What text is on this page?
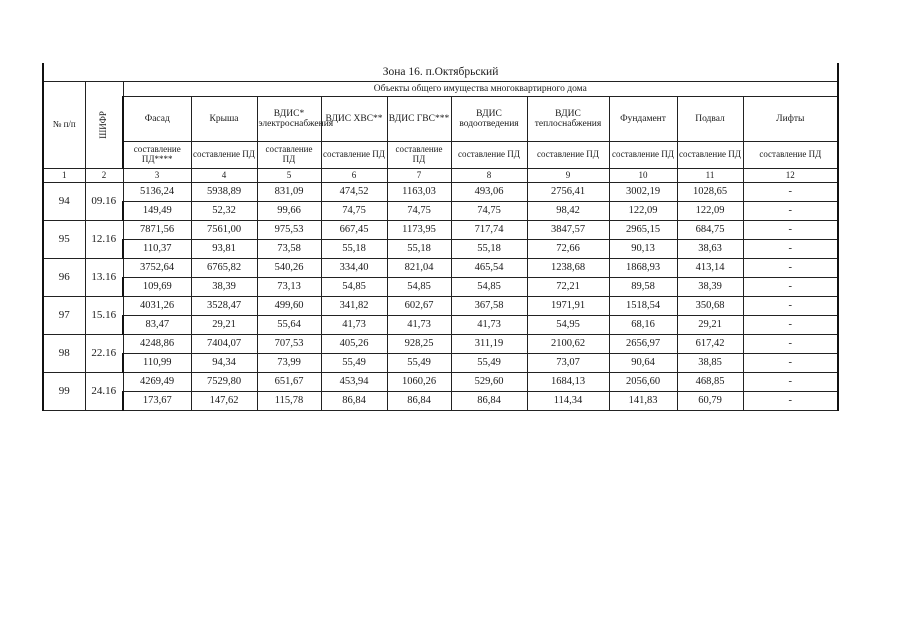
Зона 16. п.Октябрьский											
№ п/п	ШИФР	Объекты общего имущества многоквартирного дома									
		Фасад	Крыша	ВДИС* электроснабжения	ВДИС ХВС**	ВДИС ГВС***	ВДИС водоотведения	ВДИС теплоснабжения	Фундамент	Подвал	Лифты
		составление ПД****	составление ПД	составление ПД	составление ПД	составление ПД	составление ПД	составление ПД	составление ПД	составление ПД	составление ПД
1	2	3	4	5	6	7	8	9	10	11	12
94	09.16	5136,24	5938,89	831,09	474,52	1163,03	493,06	2756,41	3002,19	1028,65	-
		149,49	52,32	99,66	74,75	74,75	74,75	98,42	122,09	122,09	-
95	12.16	7871,56	7561,00	975,53	667,45	1173,95	717,74	3847,57	2965,15	684,75	-
		110,37	93,81	73,58	55,18	55,18	55,18	72,66	90,13	38,63	-
96	13.16	3752,64	6765,82	540,26	334,40	821,04	465,54	1238,68	1868,93	413,14	-
		109,69	38,39	73,13	54,85	54,85	54,85	72,21	89,58	38,39	-
97	15.16	4031,26	3528,47	499,60	341,82	602,67	367,58	1971,91	1518,54	350,68	-
		83,47	29,21	55,64	41,73	41,73	41,73	54,95	68,16	29,21	-
98	22.16	4248,86	7404,07	707,53	405,26	928,25	311,19	2100,62	2656,97	617,42	-
		110,99	94,34	73,99	55,49	55,49	55,49	73,07	90,64	38,85	-
99	24.16	4269,49	7529,80	651,67	453,94	1060,26	529,60	1684,13	2056,60	468,85	-
		173,67	147,62	115,78	86,84	86,84	86,84	114,34	141,83	60,79	-
